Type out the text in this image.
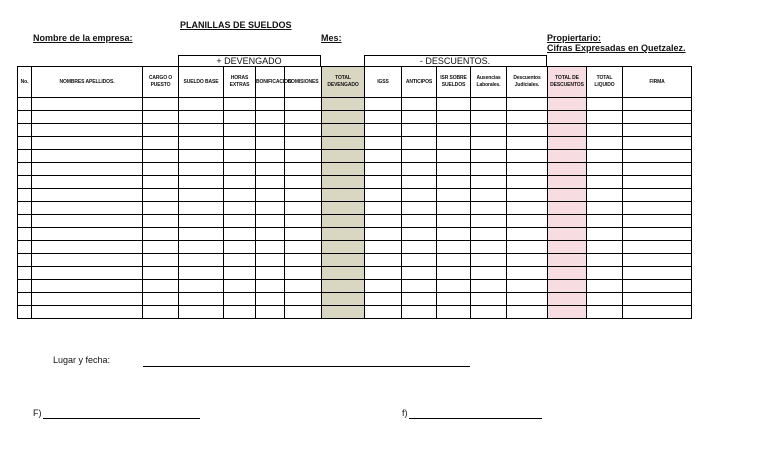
PLANILLAS DE SUELDOS
Nombre de la empresa:	Mes:	Propiertario:
Cifras Expresadas en Quetzalez.
+ DEVENGADO	- DESCUENTOS.
No.	NOMBRES APELLIDOS.	CARGO O PUESTO	SUELDO BASE	HORAS EXTRAS	BONIFICACION	COMISIONES	TOTAL DEVENGADO	IGSS	ANTICIPOS	ISR SOBRE SUELDOS	Ausencias Laborales.	Descuentos Judiciales.	TOTAL DE DESCUENTOS	TOTAL LIQUIDO	FIRMA

Lugar y fecha:
F)	f)
